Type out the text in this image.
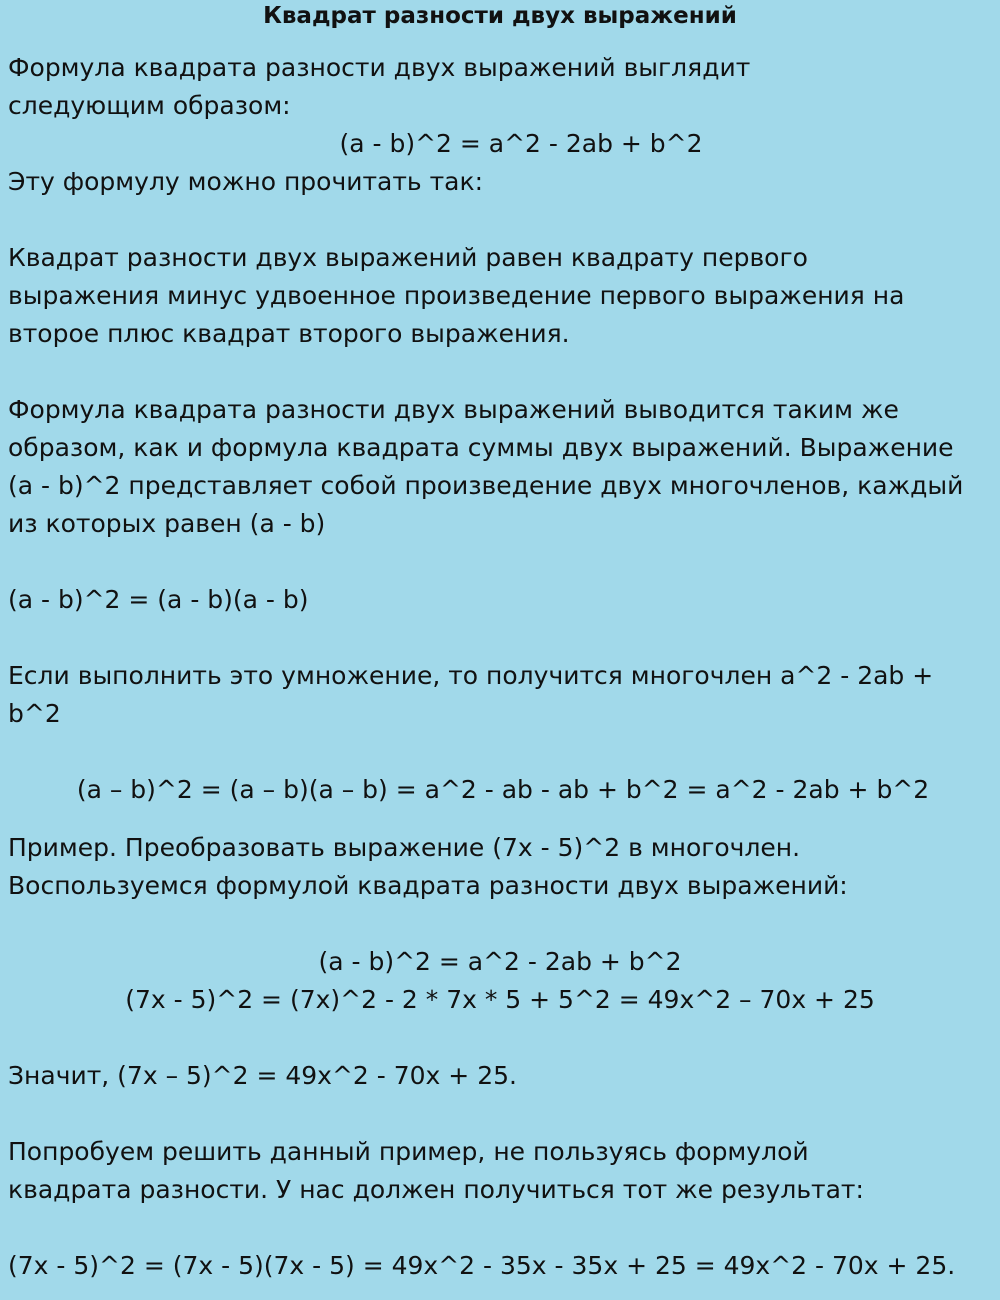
Квадрат разности двух выражений

Формула квадрата разности двух выражений выглядит следующим образом:

(a - b)^2 = a^2 - 2ab + b^2

Эту формулу можно прочитать так:

Квадрат разности двух выражений равен квадрату первого выражения минус удвоенное произведение первого выражения на второе плюс квадрат второго выражения.

Формула квадрата разности двух выражений выводится таким же образом, как и формула квадрата суммы двух выражений. Выражение (a - b)^2 представляет собой произведение двух многочленов, каждый из которых равен (a - b)

(a - b)^2 = (a - b)(a - b)

Если выполнить это умножение, то получится многочлен a^2 - 2ab + b^2

(a – b)^2 = (a – b)(a – b) = a^2 - ab - ab + b^2 = a^2 - 2ab + b^2

Пример. Преобразовать выражение (7x - 5)^2 в многочлен.

Воспользуемся формулой квадрата разности двух выражений:

(a - b)^2 = a^2 - 2ab + b^2

(7x - 5)^2 = (7x)^2 - 2 * 7x * 5 + 5^2 = 49x^2 – 70x + 25

Значит, (7x – 5)^2 = 49x^2 - 70x + 25.

Попробуем решить данный пример, не пользуясь формулой квадрата разности. У нас должен получиться тот же результат:

(7x - 5)^2 = (7x - 5)(7x - 5) = 49x^2 - 35x - 35x + 25 = 49x^2 - 70x + 25.
